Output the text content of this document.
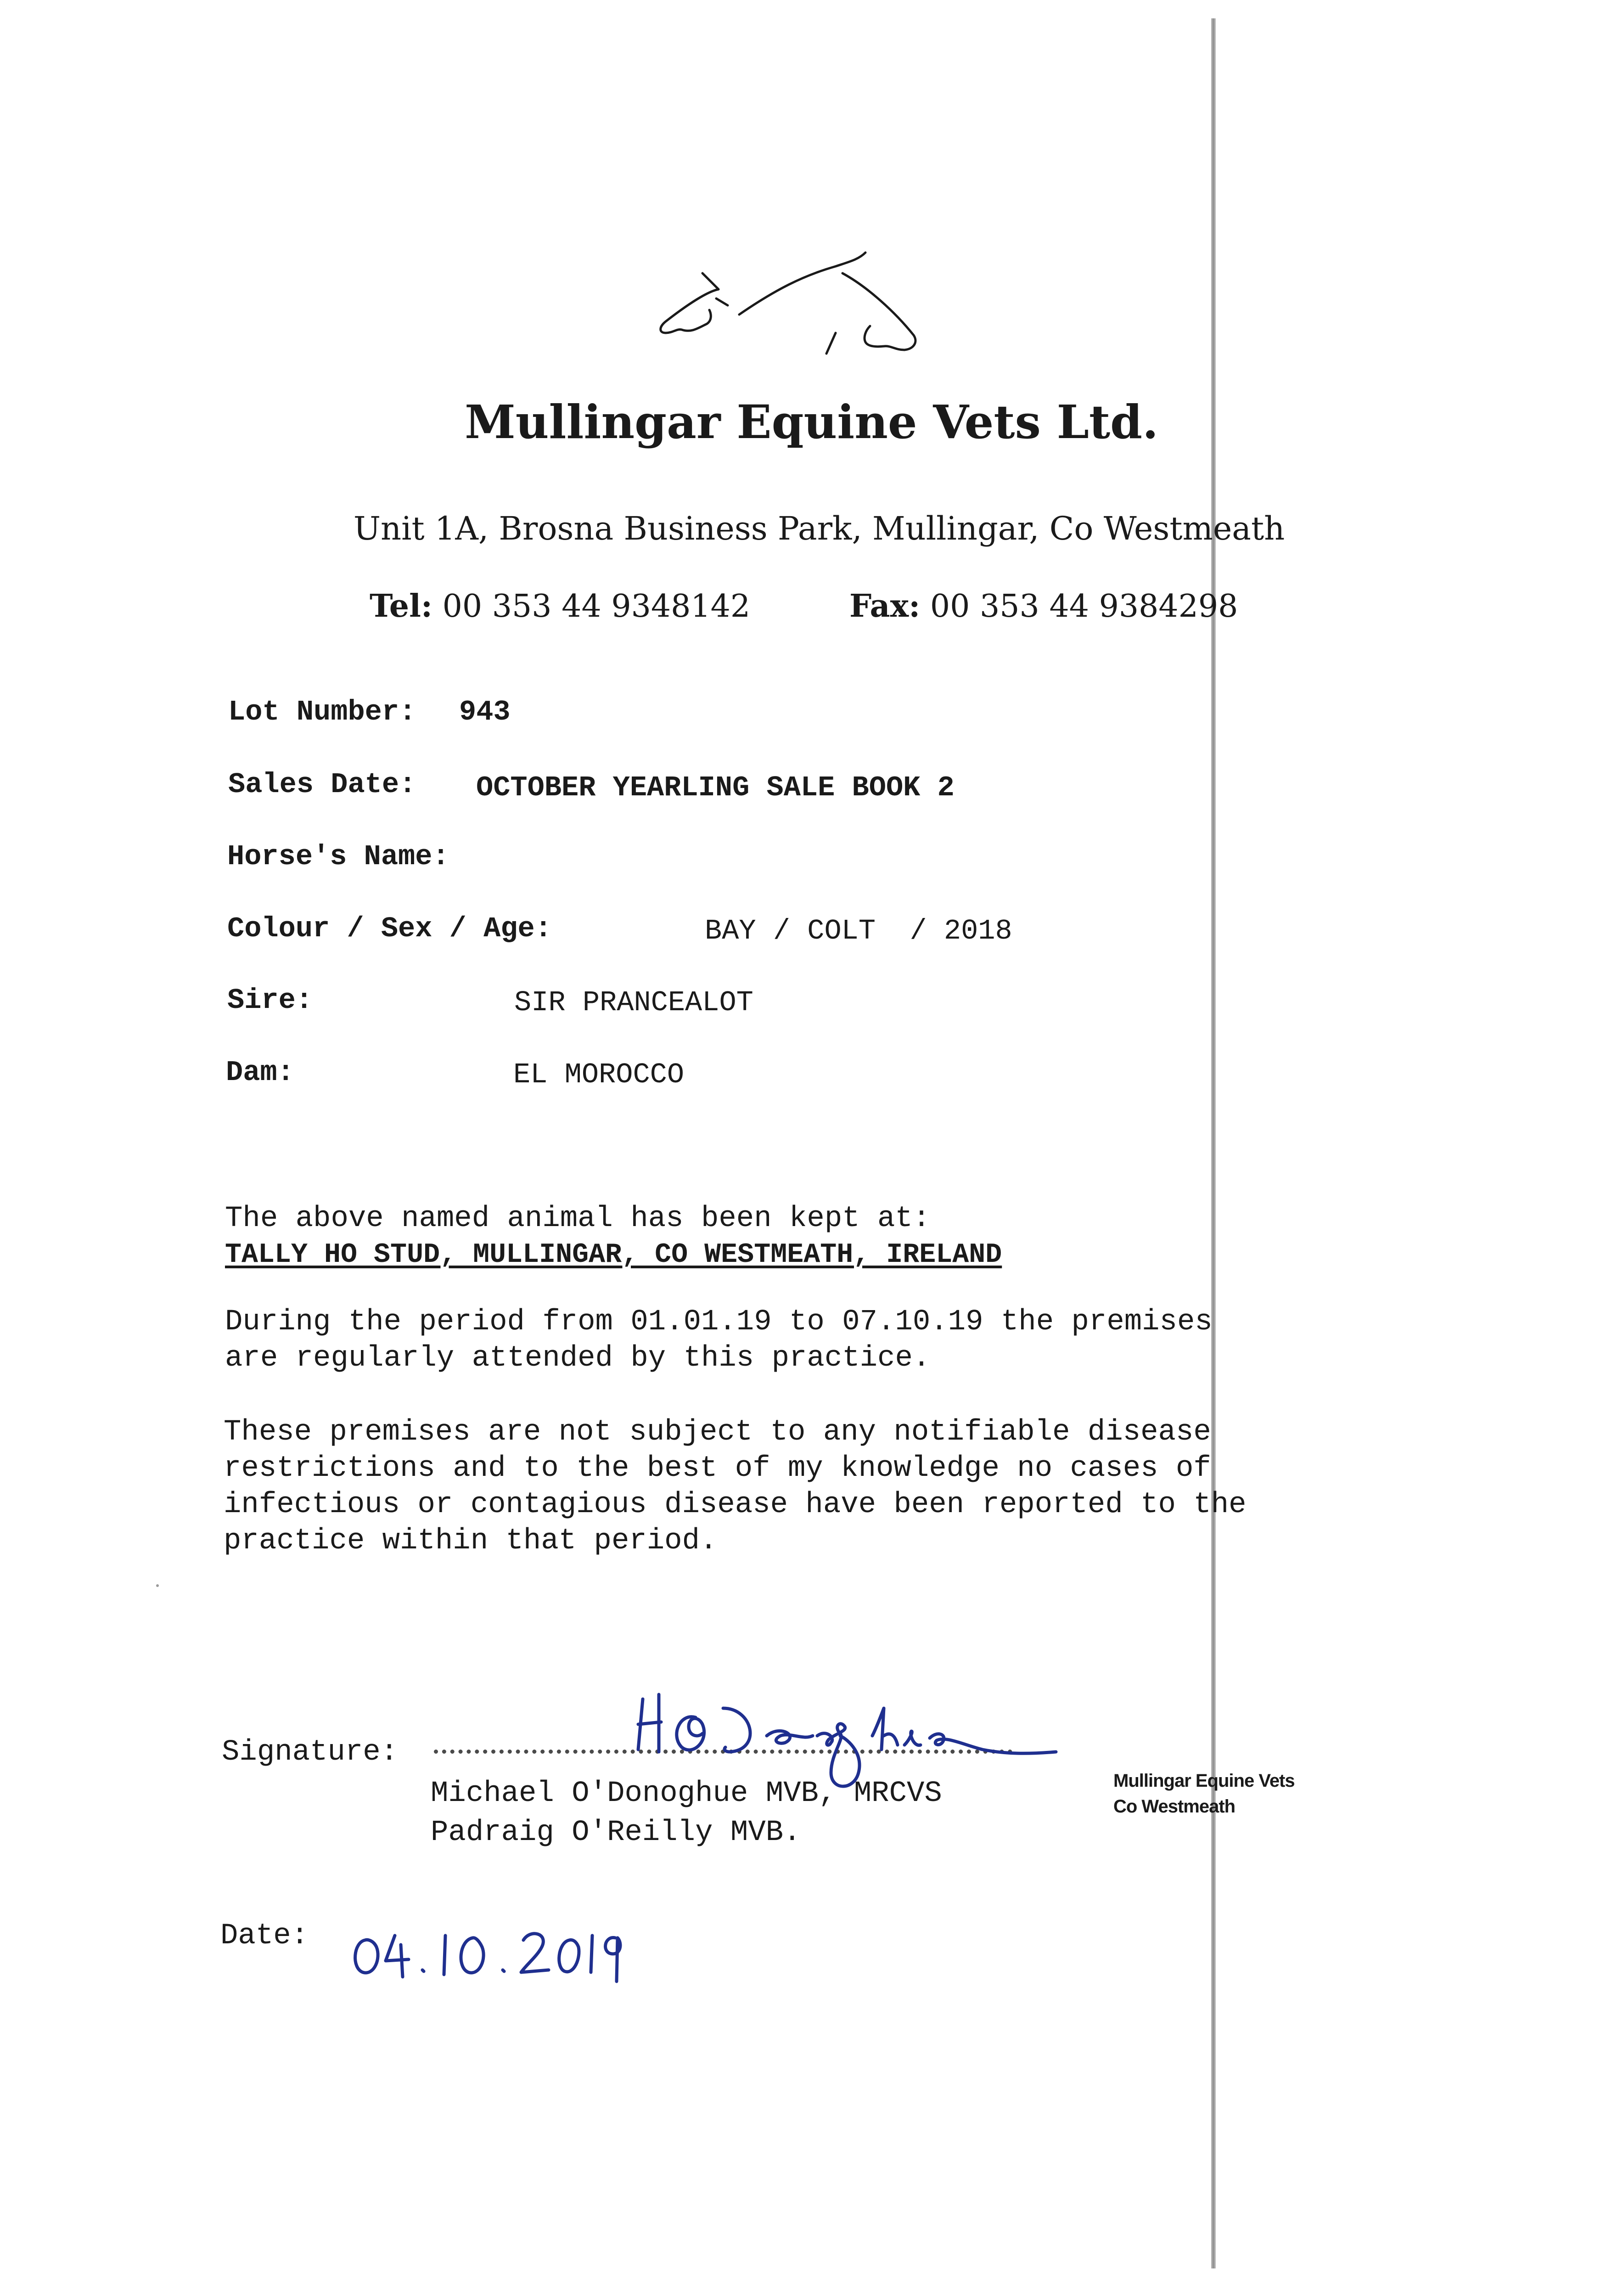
Mullingar Equine Vets Ltd.
Unit 1A, Brosna Business Park, Mullingar, Co Westmeath
Tel: 00 353 44 9348142	Fax: 00 353 44 9384298
Lot Number: 943
Sales Date: OCTOBER YEARLING SALE BOOK 2
Horse's Name:
Colour / Sex / Age:	BAY / COLT  / 2018
Sire:	SIR PRANCEALOT
Dam:	EL MOROCCO
The above named animal has been kept at:
TALLY HO STUD, MULLINGAR, CO WESTMEATH, IRELAND
During the period from 01.01.19 to 07.10.19 the premises
are regularly attended by this practice.
These premises are not subject to any notifiable disease
restrictions and to the best of my knowledge no cases of
infectious or contagious disease have been reported to the
practice within that period.
Signature:
Michael O'Donoghue MVB, MRCVS
Padraig O'Reilly MVB.
Mullingar Equine Vets
Co Westmeath
Date:
